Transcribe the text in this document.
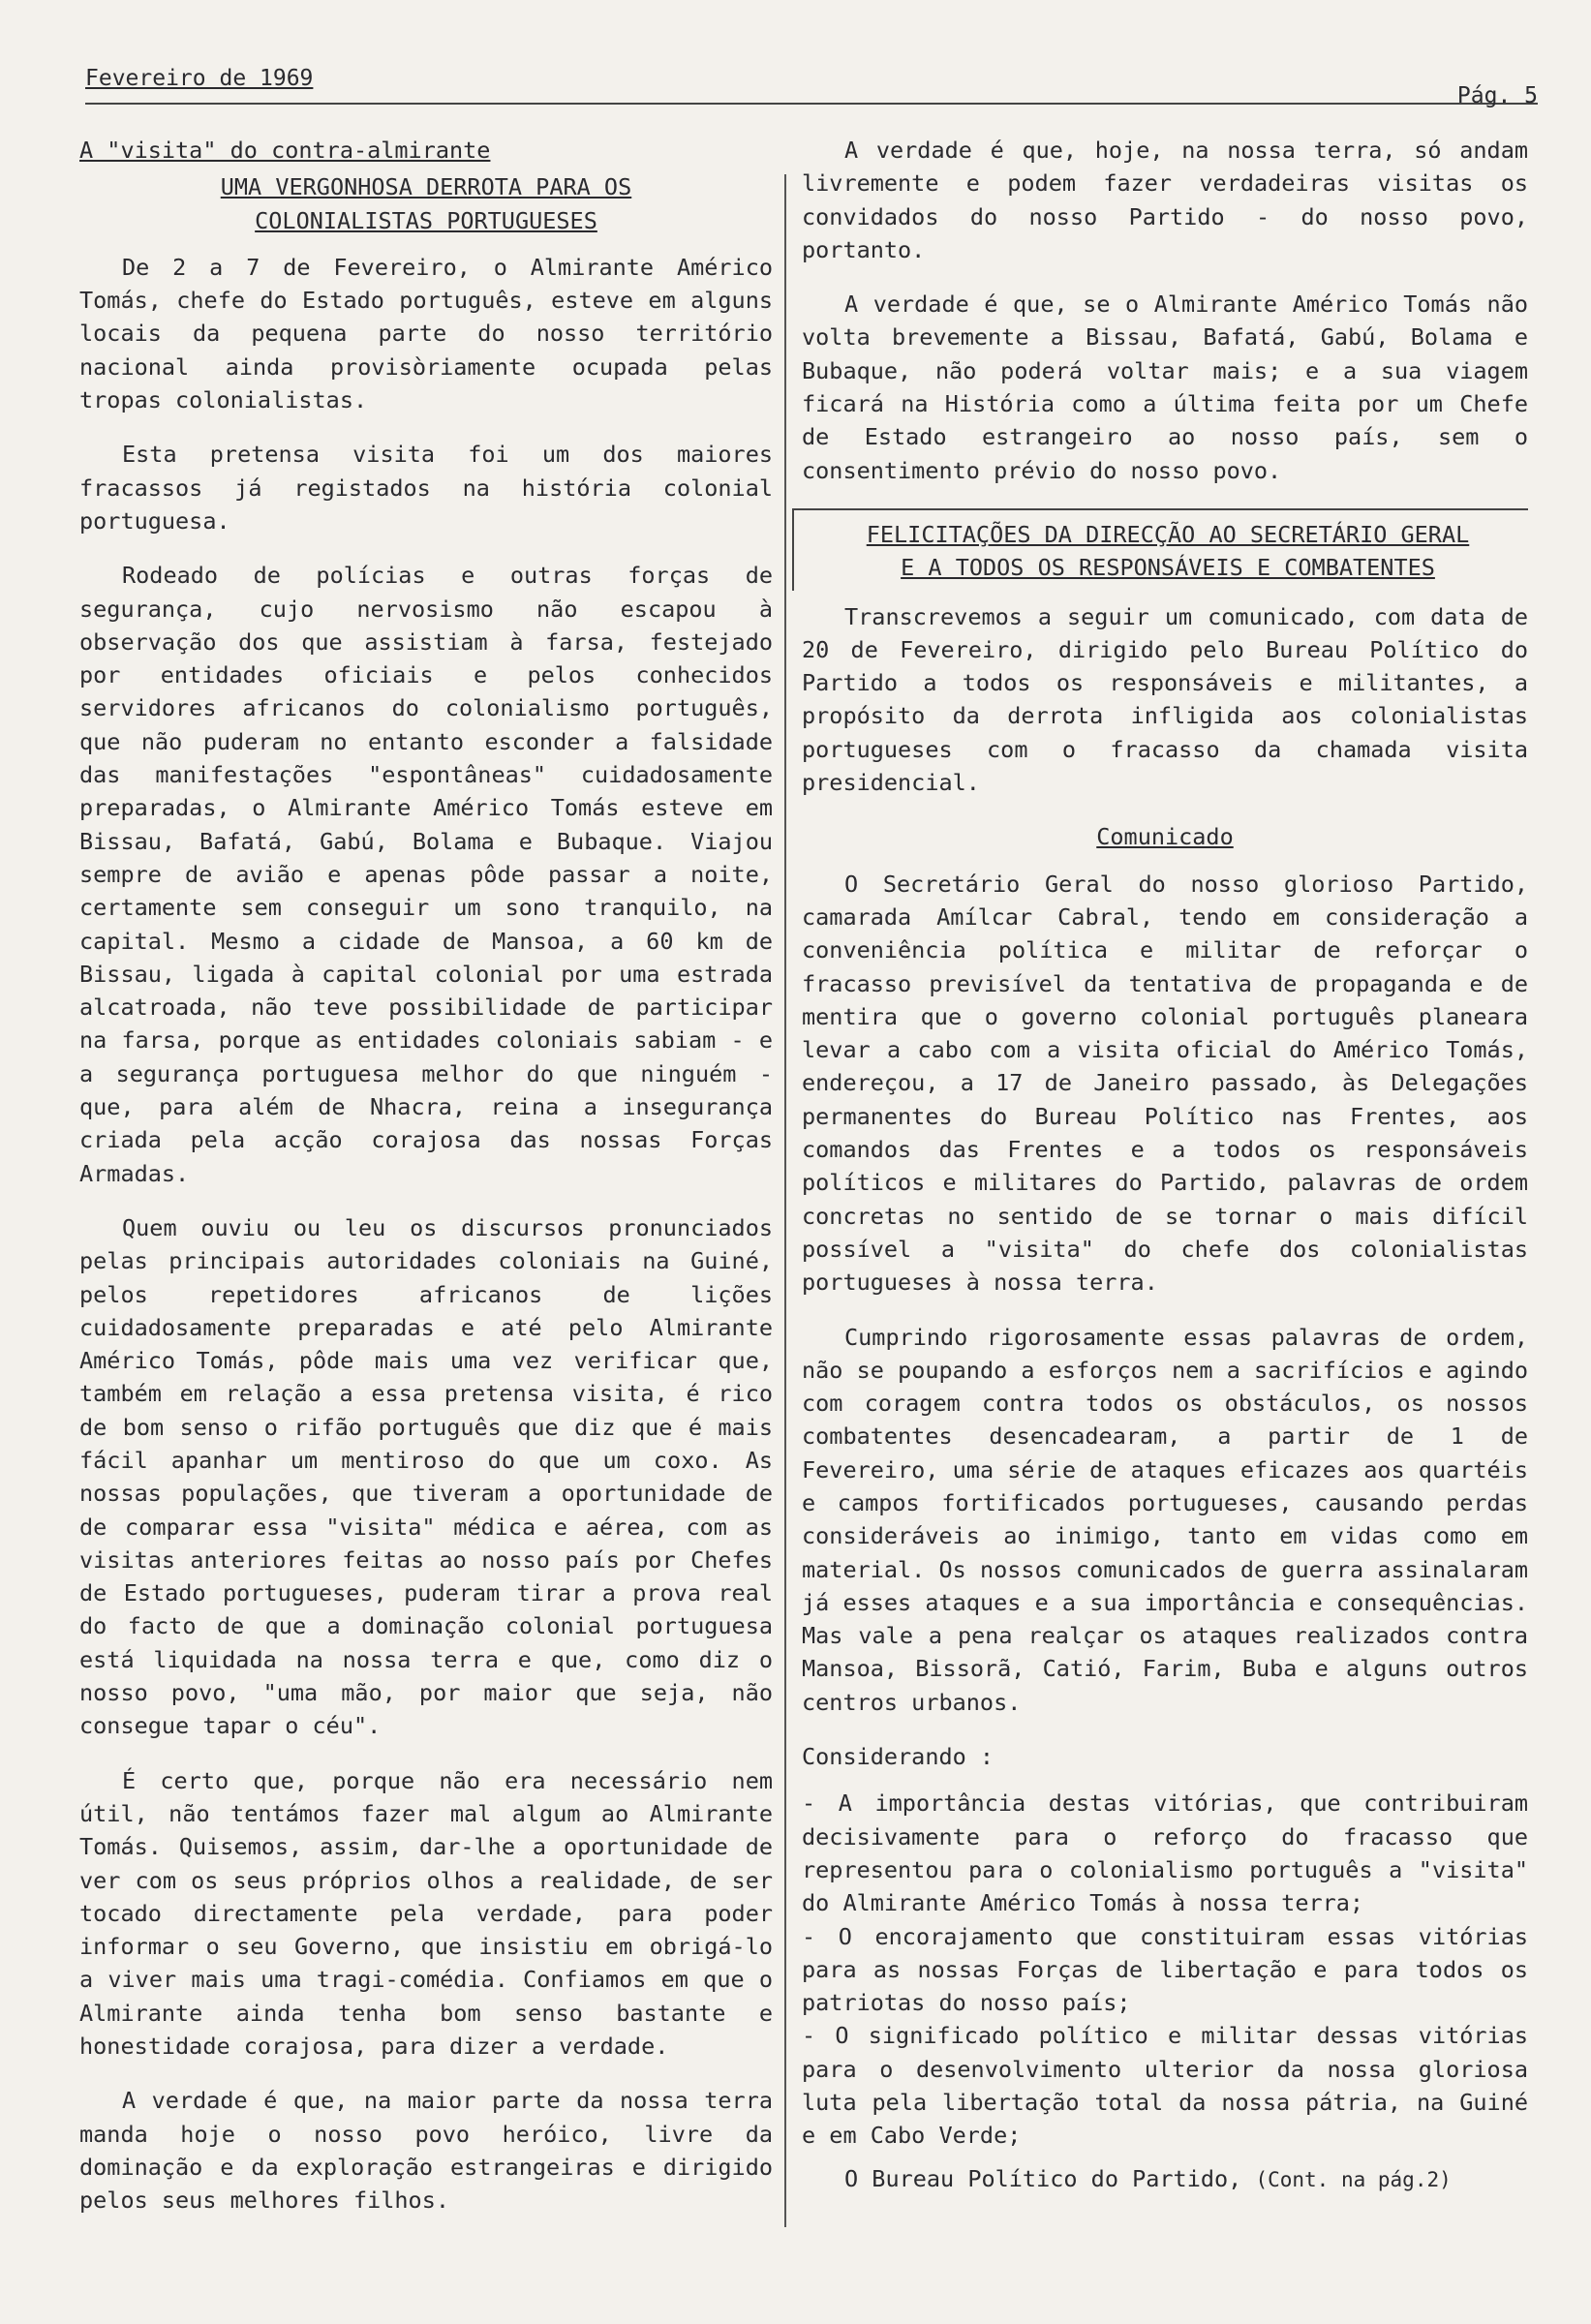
Fevereiro de 1969
Pág. 5
A "visita" do contra-almirante
UMA VERGONHOSA DERROTA PARA OS
COLONIALISTAS PORTUGUESES

De 2 a 7 de Fevereiro, o Almirante Américo Tomás, chefe do Estado português, esteve em alguns locais da pequena parte do nosso território nacional ainda provisòriamente ocupada pelas tropas colonialistas.

Esta pretensa visita foi um dos maiores fracassos já registados na história colonial portuguesa.

Rodeado de polícias e outras forças de segurança, cujo nervosismo não escapou à observação dos que assistiam à farsa, festejado por entidades oficiais e pelos conhecidos servidores africanos do colonialismo português, que não puderam no entanto esconder a falsidade das manifestações "espontâneas" cuidadosamente preparadas, o Almirante Américo Tomás esteve em Bissau, Bafatá, Gabú, Bolama e Bubaque. Viajou sempre de avião e apenas pôde passar a noite, certamente sem conseguir um sono tranquilo, na capital. Mesmo a cidade de Mansoa, a 60 km de Bissau, ligada à capital colonial por uma estrada alcatroada, não teve possibilidade de participar na farsa, porque as entidades coloniais sabiam - e a segurança portuguesa melhor do que ninguém - que, para além de Nhacra, reina a insegurança criada pela acção corajosa das nossas Forças Armadas.

Quem ouviu ou leu os discursos pronunciados pelas principais autoridades coloniais na Guiné, pelos repetidores africanos de lições cuidadosamente preparadas e até pelo Almirante Américo Tomás, pôde mais uma vez verificar que, também em relação a essa pretensa visita, é rico de bom senso o rifão português que diz que é mais fácil apanhar um mentiroso do que um coxo. As nossas populações, que tiveram a oportunidade de de comparar essa "visita" médica e aérea, com as visitas anteriores feitas ao nosso país por Chefes de Estado portugueses, puderam tirar a prova real do facto de que a dominação colonial portuguesa está liquidada na nossa terra e que, como diz o nosso povo, "uma mão, por maior que seja, não consegue tapar o céu".

É certo que, porque não era necessário nem útil, não tentámos fazer mal algum ao Almirante Tomás. Quisemos, assim, dar-lhe a oportunidade de ver com os seus próprios olhos a realidade, de ser tocado directamente pela verdade, para poder informar o seu Governo, que insistiu em obrigá-lo a viver mais uma tragi-comédia. Confiamos em que o Almirante ainda tenha bom senso bastante e honestidade corajosa, para dizer a verdade.

A verdade é que, na maior parte da nossa terra manda hoje o nosso povo heróico, livre da dominação e da exploração estrangeiras e dirigido pelos seus melhores filhos.

A verdade é que, hoje, na nossa terra, só andam livremente e podem fazer verdadeiras visitas os convidados do nosso Partido - do nosso povo, portanto.

A verdade é que, se o Almirante Américo Tomás não volta brevemente a Bissau, Bafatá, Gabú, Bolama e Bubaque, não poderá voltar mais; e a sua viagem ficará na História como a última feita por um Chefe de Estado estrangeiro ao nosso país, sem o consentimento prévio do nosso povo.

FELICITAÇÕES DA DIRECÇÃO AO SECRETÁRIO GERAL
E A TODOS OS RESPONSÁVEIS E COMBATENTES

Transcrevemos a seguir um comunicado, com data de 20 de Fevereiro, dirigido pelo Bureau Político do Partido a todos os responsáveis e militantes, a propósito da derrota infligida aos colonialistas portugueses com o fracasso da chamada visita presidencial.

Comunicado

O Secretário Geral do nosso glorioso Partido, camarada Amílcar Cabral, tendo em consideração a conveniência política e militar de reforçar o fracasso previsível da tentativa de propaganda e de mentira que o governo colonial português planeara levar a cabo com a visita oficial do Américo Tomás, endereçou, a 17 de Janeiro passado, às Delegações permanentes do Bureau Político nas Frentes, aos comandos das Frentes e a todos os responsáveis políticos e militares do Partido, palavras de ordem concretas no sentido de se tornar o mais difícil possível a "visita" do chefe dos colonialistas portugueses à nossa terra.

Cumprindo rigorosamente essas palavras de ordem, não se poupando a esforços nem a sacrifícios e agindo com coragem contra todos os obstáculos, os nossos combatentes desencadearam, a partir de 1 de Fevereiro, uma série de ataques eficazes aos quartéis e campos fortificados portugueses, causando perdas consideráveis ao inimigo, tanto em vidas como em material. Os nossos comunicados de guerra assinalaram já esses ataques e a sua importância e consequências. Mas vale a pena realçar os ataques realizados contra Mansoa, Bissorã, Catió, Farim, Buba e alguns outros centros urbanos.

Considerando :

- A importância destas vitórias, que contribuiram decisivamente para o reforço do fracasso que representou para o colonialismo português a "visita" do Almirante Américo Tomás à nossa terra;

- O encorajamento que constituiram essas vitórias para as nossas Forças de libertação e para todos os patriotas do nosso país;

- O significado político e militar dessas vitórias para o desenvolvimento ulterior da nossa gloriosa luta pela libertação total da nossa pátria, na Guiné e em Cabo Verde;

O Bureau Político do Partido, (Cont. na pág.2)
